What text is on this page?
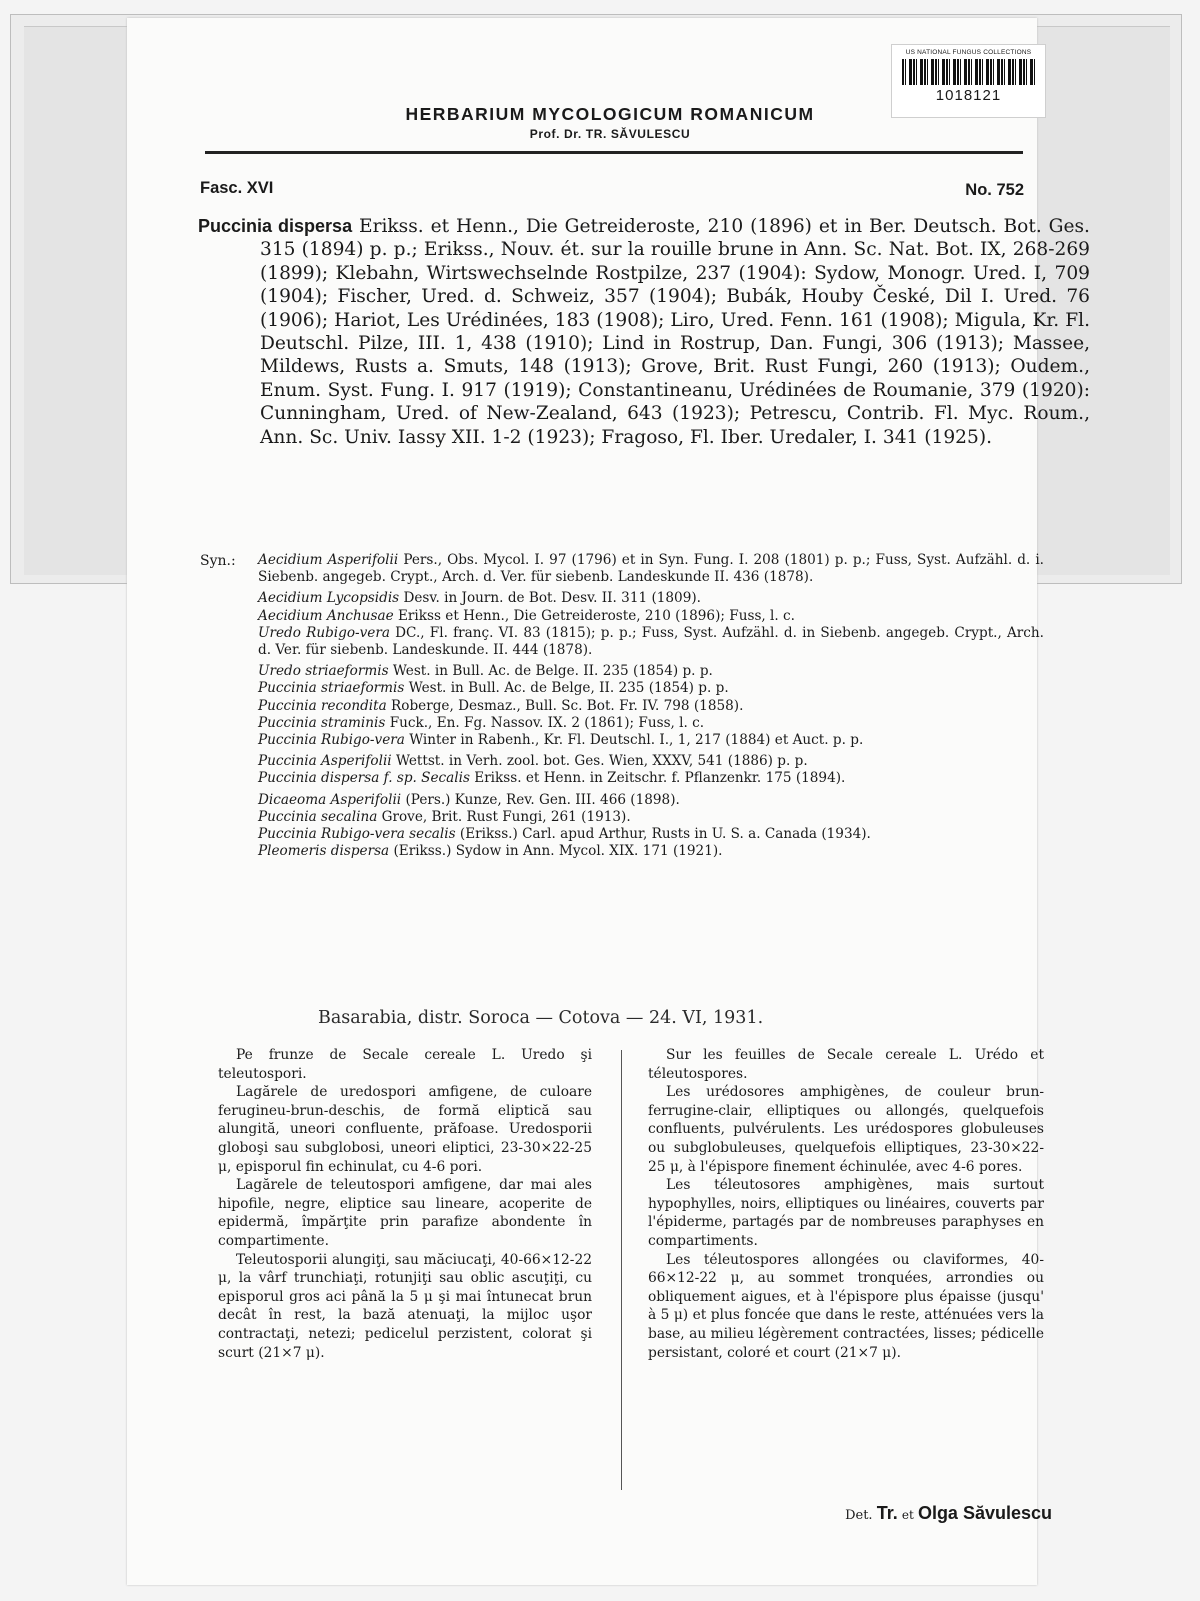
US NATIONAL FUNGUS COLLECTIONS
1018121
HERBARIUM MYCOLOGICUM ROMANICUM
Prof. Dr. TR. SĂVULESCU
Fasc. XVI	No. 752

Puccinia dispersa Erikss. et Henn., Die Getreideroste, 210 (1896) et in Ber. Deutsch. Bot. Ges. 315 (1894) p. p.; Erikss., Nouv. ét. sur la rouille brune in Ann. Sc. Nat. Bot. IX, 268-269 (1899); Klebahn, Wirtswechselnde Rostpilze, 237 (1904): Sydow, Monogr. Ured. I, 709 (1904); Fischer, Ured. d. Schweiz, 357 (1904); Bubák, Houby České, Dil I. Ured. 76 (1906); Hariot, Les Urédinées, 183 (1908); Liro, Ured. Fenn. 161 (1908); Migula, Kr. Fl. Deutschl. Pilze, III. 1, 438 (1910); Lind in Rostrup, Dan. Fungi, 306 (1913); Massee, Mildews, Rusts a. Smuts, 148 (1913); Grove, Brit. Rust Fungi, 260 (1913); Oudem., Enum. Syst. Fung. I. 917 (1919); Constantineanu, Urédinées de Roumanie, 379 (1920): Cunningham, Ured. of New-Zealand, 643 (1923); Petrescu, Contrib. Fl. Myc. Roum., Ann. Sc. Univ. Iassy XII. 1-2 (1923); Fragoso, Fl. Iber. Uredaler, I. 341 (1925).

Syn.: Aecidium Asperifolii Pers., Obs. Mycol. I. 97 (1796) et in Syn. Fung. I. 208 (1801) p. p.; Fuss, Syst. Aufzähl. d. i. Siebenb. angegeb. Crypt., Arch. d. Ver. für siebenb. Landeskunde II. 436 (1878).
Aecidium Lycopsidis Desv. in Journ. de Bot. Desv. II. 311 (1809).
Aecidium Anchusae Erikss et Henn., Die Getreideroste, 210 (1896); Fuss, l. c.
Uredo Rubigo-vera DC., Fl. franç. VI. 83 (1815); p. p.; Fuss, Syst. Aufzähl. d. in Siebenb. angegeb. Crypt., Arch. d. Ver. für siebenb. Landeskunde. II. 444 (1878).
Uredo striaeformis West. in Bull. Ac. de Belge. II. 235 (1854) p. p.
Puccinia striaeformis West. in Bull. Ac. de Belge, II. 235 (1854) p. p.
Puccinia recondita Roberge, Desmaz., Bull. Sc. Bot. Fr. IV. 798 (1858).
Puccinia straminis Fuck., En. Fg. Nassov. IX. 2 (1861); Fuss, l. c.
Puccinia Rubigo-vera Winter in Rabenh., Kr. Fl. Deutschl. I., 1, 217 (1884) et Auct. p. p.
Puccinia Asperifolii Wettst. in Verh. zool. bot. Ges. Wien, XXXV, 541 (1886) p. p.
Puccinia dispersa f. sp. Secalis Erikss. et Henn. in Zeitschr. f. Pflanzenkr. 175 (1894).
Dicaeoma Asperifolii (Pers.) Kunze, Rev. Gen. III. 466 (1898).
Puccinia secalina Grove, Brit. Rust Fungi, 261 (1913).
Puccinia Rubigo-vera secalis (Erikss.) Carl. apud Arthur, Rusts in U. S. a. Canada (1934).
Pleomeris dispersa (Erikss.) Sydow in Ann. Mycol. XIX. 171 (1921).
Basarabia, distr. Soroca — Cotova — 24. VI, 1931.

Pe frunze de Secale cereale L. Uredo şi teleutospori.

Lagărele de uredospori amfigene, de culoare ferugineu-brun-deschis, de formă eliptică sau alungită, uneori confluente, prăfoase. Uredosporii globoşi sau subglobosi, uneori eliptici, 23-30×22-25 μ, episporul fin echinulat, cu 4-6 pori.

Lagărele de teleutospori amfigene, dar mai ales hipofile, negre, eliptice sau lineare, acoperite de epidermă, împărţite prin parafize abondente în compartimente.

Teleutosporii alungiţi, sau măciucaţi, 40-66×12-22 μ, la vârf trunchiaţi, rotunjiţi sau oblic ascuţiţi, cu episporul gros aci până la 5 μ şi mai întunecat brun decât în rest, la bază atenuaţi, la mijloc uşor contractaţi, netezi; pedicelul perzistent, colorat şi scurt (21×7 μ).

Sur les feuilles de Secale cereale L. Urédo et téleutospores.

Les urédosores amphigènes, de couleur brun-ferrugine-clair, elliptiques ou allongés, quelquefois confluents, pulvérulents. Les urédospores globuleuses ou subglobuleuses, quelquefois elliptiques, 23-30×22-25 μ, à l'épispore finement échinulée, avec 4-6 pores.

Les téleutosores amphigènes, mais surtout hypophylles, noirs, elliptiques ou linéaires, couverts par l'épiderme, partagés par de nombreuses paraphyses en compartiments.

Les téleutospores allongées ou claviformes, 40-66×12-22 μ, au sommet tronquées, arrondies ou obliquement aigues, et à l'épispore plus épaisse (jusqu' à 5 μ) et plus foncée que dans le reste, atténuées vers la base, au milieu légèrement contractées, lisses; pédicelle persistant, coloré et court (21×7 μ).

Det. Tr. et Olga Săvulescu
